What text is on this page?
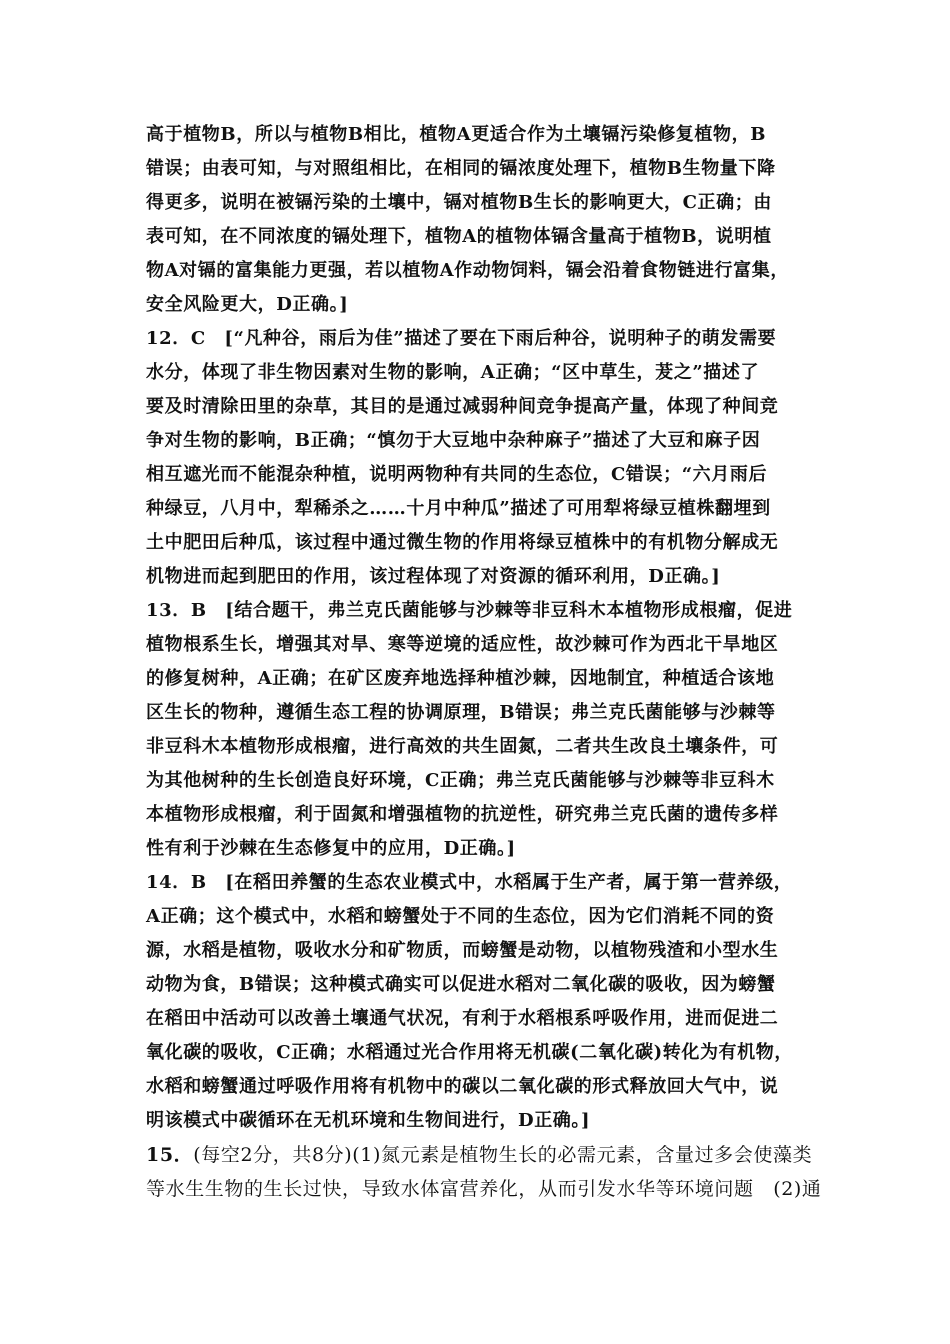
高于植物B，所以与植物B相比，植物A更适合作为土壤镉污染修复植物，B
错误；由表可知，与对照组相比，在相同的镉浓度处理下，植物B生物量下降
得更多，说明在被镉污染的土壤中，镉对植物B生长的影响更大，C正确；由
表可知，在不同浓度的镉处理下，植物A的植物体镉含量高于植物B，说明植
物A对镉的富集能力更强，若以植物A作动物饲料，镉会沿着食物链进行富集，
安全风险更大，D正确。]
12．C　[“凡种谷，雨后为佳”描述了要在下雨后种谷，说明种子的萌发需要
水分，体现了非生物因素对生物的影响，A正确；“区中草生，茇之”描述了
要及时清除田里的杂草，其目的是通过减弱种间竞争提高产量，体现了种间竞
争对生物的影响，B正确；“慎勿于大豆地中杂种麻子”描述了大豆和麻子因
相互遮光而不能混杂种植，说明两物种有共同的生态位，C错误；“六月雨后
种绿豆，八月中，犁稀杀之……十月中种瓜”描述了可用犁将绿豆植株翻埋到
土中肥田后种瓜，该过程中通过微生物的作用将绿豆植株中的有机物分解成无
机物进而起到肥田的作用，该过程体现了对资源的循环利用，D正确。]
13．B　[结合题干，弗兰克氏菌能够与沙棘等非豆科木本植物形成根瘤，促进
植物根系生长，增强其对旱、寒等逆境的适应性，故沙棘可作为西北干旱地区
的修复树种，A正确；在矿区废弃地选择种植沙棘，因地制宜，种植适合该地
区生长的物种，遵循生态工程的协调原理，B错误；弗兰克氏菌能够与沙棘等
非豆科木本植物形成根瘤，进行高效的共生固氮，二者共生改良土壤条件，可
为其他树种的生长创造良好环境，C正确；弗兰克氏菌能够与沙棘等非豆科木
本植物形成根瘤，利于固氮和增强植物的抗逆性，研究弗兰克氏菌的遗传多样
性有利于沙棘在生态修复中的应用，D正确。]
14．B　[在稻田养蟹的生态农业模式中，水稻属于生产者，属于第一营养级，
A正确；这个模式中，水稻和螃蟹处于不同的生态位，因为它们消耗不同的资
源，水稻是植物，吸收水分和矿物质，而螃蟹是动物，以植物残渣和小型水生
动物为食，B错误；这种模式确实可以促进水稻对二氧化碳的吸收，因为螃蟹
在稻田中活动可以改善土壤通气状况，有利于水稻根系呼吸作用，进而促进二
氧化碳的吸收，C正确；水稻通过光合作用将无机碳(二氧化碳)转化为有机物，
水稻和螃蟹通过呼吸作用将有机物中的碳以二氧化碳的形式释放回大气中，说
明该模式中碳循环在无机环境和生物间进行，D正确。]
15．(每空2分，共8分)(1)氮元素是植物生长的必需元素，含量过多会使藻类
等水生生物的生长过快，导致水体富营养化，从而引发水华等环境问题　(2)通
